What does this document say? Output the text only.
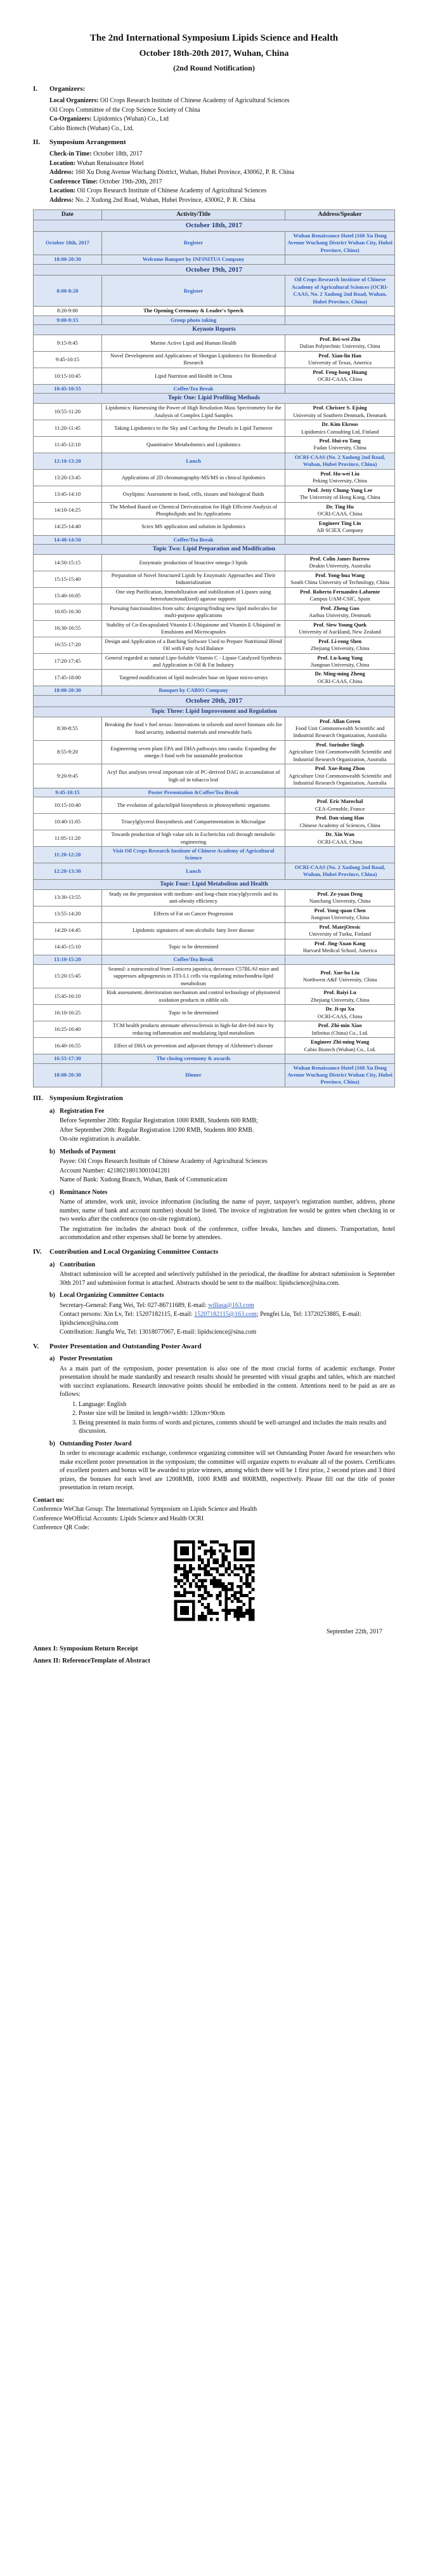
The 2nd International Symposium Lipids Science and Health
October 18th-20th 2017, Wuhan, China
(2nd Round Notification)
I. Organizers:
Local Organizers: Oil Crops Research Institute of Chinese Academy of Agricultural Sciences
Oil Crops Committee of the Crop Science Society of China
Co-Organizers: Lipidomics (Wuhan) Co., Ltd
Cabio Biotech (Wuhan) Co., Ltd.
II. Symposium Arrangement
Check-in Time: October 18th, 2017
Location: Wuhan Renaissance Hotel
Address: 160 Xu Dong Avenue Wuchang District, Wuhan, Hubei Province, 430062, P. R. China
Conference Time: October 19th-20th, 2017
Location: Oil Crops Research Institute of Chinese Academy of Agricultural Sciences
Address: No. 2 Xudong 2nd Road, Wuhan, Hubei Province, 430062, P. R. China
Date	Activity/Title	Address/Speaker
October 18th, 2017		
October 18th, 2017	Register	Wuhan Renaissance Hotel (160 Xu Dong Avenue Wuchang District Wuhan City, Hubei Province, China)
18:00-20:30	Welcome Banquet by INFINITUS Company	
October 19th, 2017		
8:00-8:20	Register	Oil Crops Research Institute of Chinese Academy of Agricultural Sciences (OCRI-CAAS, No. 2 Xudong 2nd Road, Wuhan, Hubei Province, China)
8:20-9:00	The Opening Ceremony & Leader's Speech	
9:00-9:15	Group photo taking	
Keynote Reports		
9:15-9:45	Marine Active Lipid and Human Health	Prof. Bei-wei Zhu
Dalian Polytechnic University, China

9:45-10:15	Novel Development and Applications of Shotgun Lipidomics for Biomedical Research	Prof. Xian-lin Han
University of Texas, America

10:15-10:45	Lipid Nutrition and Health in China	Prof. Feng-hong Huang
OCRI-CAAS, China

10:45-10:55	Coffee/Tea Break	
Topic One: Lipid Profiling Methods		
10:55-11:20	Lipidomics: Harnessing the Power of High Resolution Mass Spectrometry for the Analysis of Complex Lipid Samples	Prof. Christer S. Ejsing
University of Southern Denmark, Denmark

11:20-11:45	Taking Lipidomics to the Sky and Catching the Details in Lipid Turnover	Dr. Kim Ekroos
Lipidomics Consulting Ltd, Finland

11:45-12:10	Quantitative Metabolomics and Lipidomics	Prof. Hui-ru Tang
Fudan University, China

12:10-13:20	Lunch	OCRI-CAAS (No. 2 Xudong 2nd Road, Wuhan, Hubei Province, China)
13:20-13:45	Applications of 2D chromatography-MS/MS in clinical lipidomics	Prof. Hu-wei Liu
Peking University, China

13:45-14:10	Oxylipins: Assessment in food, cells, tissues and biological fluids	Prof. Jetty Chung-Yung Lee
The University of Hong Kong, China

14:10-14:25	The Method Based on Chemical Derivatization for High Efficient Analysis of Phospholipids and Its Applications	Dr. Ting Hu
OCRI-CAAS, China

14:25-14:40	Sciex MS application and solution in lipidomics	Engineer Ting Lin
AB SCIEX Company

14:40-14:50	Coffee/Tea Break	
Topic Two: Lipid Preparation and Modification		
14:50-15:15	Enzymatic production of bioactive omega-3 lipids	Prof. Colin James Barrow
Deakin University, Australia

15:15-15:40	Preparation of Novel Structured Lipids by Enzymatic Approaches and Their Industrialization	Prof. Yong-hua Wang
South China University of Technology, China

15:40-16:05	One step Purification, Immobilization and stabilization of Lipases using heterofunctional(ized) agarose supports	Prof. Roberto Fernandez-Lafuente
Campus UAM-CSIC, Spain

16:05-16:30	Pursuing functionalities from salts: designing/finding new lipid molecules for multi-purpose applications	Prof. Zheng Guo
Aarhus University, Denmark

16:30-16:55	Stability of Co-Encapsulated Vitamin E-Ubiquinone and Vitamin E-Ubiquinol in Emulsions and Microcapsules	Prof. Siew Young Quek
University of Auckland, New Zealand

16:55-17:20	Design and Application of a Batching Software Used to Prepare Nutritional Blend Oil with Fatty Acid Balance	Prof. Li-rong Shen
Zhejiang University, China

17:20-17:45	General regarded as natural Lipo-Soluble Vitamin C - Lipase Catalyzed Synthesis and Application in Oil & Fat Industry	Prof. Lu-kang Yang
Jiangnan University, China

17:45-18:00	Targeted modification of lipid molecules base on lipase micro-arrays	Dr. Ming-ming Zheng
OCRI-CAAS, China

18:00-20:30	Banquet by CABIO Company	
October 20th, 2017		
Topic Three: Lipid Improvement and Regulation		
8:30-8:55	Breaking the food v fuel nexus: Innovations in oilseeds and novel biomass oils for food security, industrial materials and renewable fuels	Prof. Allan Green
Food Unit Commonwealth Scientific and Industrial Research Organization, Australia

8:55-9:20	Engineering seven plant EPA and DHA pathways into canola: Expanding the omega-3 food web for sustainable production	Prof. Surinder Singh
Agriculture Unit Commonwealth Scientific and Industrial Research Organization, Australia

9:20-9:45	Acyl flux analyses reveal important role of PC-derived DAG in accumulation of high oil in tobacco leaf	Prof. Xue-Rong Zhou
Agriculture Unit Commonwealth Scientific and Industrial Research Organization, Australia

9:45-10:15	Poster Presentation &Coffee/Tea Break	
10:15-10:40	The evolution of galactolipid biosynthesis in photosynthetic organisms	Prof. Eric Marechal
CEA-Grenoble, France

10:40-11:05	Triacylglycerol Biosynthesis and Compartmentation in Microalgae	Prof. Dan-xiang Han
Chinese Academy of Sciences, China

11:05-11:20	Towards production of high value oils in Escherichia coli through metabolic engineering	Dr. Xin Wan
OCRI-CAAS, China

11:20-12:20	Visit Oil Crops Research Institute of Chinese Academy of Agricultural Science	
12:20-13:30	Lunch	OCRI-CAAS (No. 2 Xudong 2nd Road, Wuhan, Hubei Province, China)
Topic Four: Lipid Metabolism and Health		
13:30-13:55	Study on the preparation with medium- and long-chain triacylglycerols and its anti-obesity efficiency	Prof. Ze-yuan Deng
Nanchang University, China

13:55-14:20	Effects of Fat on Cancer Progression	Prof. Yong-quan Chen
Jiangnan University, China

14:20-14:45	Lipidomic signatures of non-alcoholic fatty liver disease	Prof. MatejOresic
University of Turku, Finland

14:45-15:10	Topic to be determined	Prof. Jing-Xuan Kang
Harvard Medical School, America

15:10-15:20	Coffee/Tea Break	
15:20-15:45	Seamul: a nutraceutical from Lonicera japonica, decreases C57BL/6J mice and suppresses adipogenesis in 3T3-L1 cells via regulating mitochondria-lipid metabolism	Prof. Xue-bo Liu
Northwest A&F University, China

15:45-16:10	Risk assessment, deterioration mechanism and control technology of phytosterol oxidation products in edible oils	Prof. Baiyi Lu
Zhejiang University, China

16:10-16:25	Topic to be determined	Dr. Ji-qu Xu
OCRI-CAAS, China

16:25-16:40	TCM health products attenuate atherosclerosis in high-fat diet-fed mice by reducing inflammation and modulating lipid metabolism	Prof. Zhi-min Xiao
Infinitus (China) Co., Ltd.

16:40-16:55	Effect of DHA on prevention and adjuvant therapy of Alzheimer's disease	Engineer Zhi-ming Wang
Cabio Biotech (Wuhan) Co., Ltd.

16:55-17:30	The closing ceremony & awards	
18:00-20:30	Dinner	Wuhan Renaissance Hotel (160 Xu Dong Avenue Wuchang District Wuhan City, Hubei Province, China)
III. Symposium Registration
a) Registration Fee
Before September 20th: Regular Registration 1000 RMB, Students 600 RMB;
After September 20th: Regular Registration 1200 RMB, Students 800 RMB.
On-site registration is available.
b) Methods of Payment
Payee: Oil Crops Research Institute of Chinese Academy of Agricultural Sciences
Account Number: 42180218013001041281
Name of Bank: Xudong Branch, Wuhan, Bank of Communication
c) Remittance Notes

Name of attendee, work unit, invoice information (including the name of payer, taxpayer's registration number, address, phone number, name of bank and account number) should be listed. The invoice of registration fee would be gotten when checking in or two weeks after the conference (no on-site registration).

The registration fee includes the abstract book of the conference, coffee breaks, lunches and dinners. Transportation, hotel accommodation and other expenses shall be borne by attendees.

IV. Contribution and Local Organizing Committee Contacts
a) Contribution

Abstract submission will be accepted and selectively published in the periodical, the deadline for abstract submission is September 30th 2017 and submission format is attached. Abstracts should be sent to the mailbox: lipidscience@sina.com.

b) Local Organizing Committee Contacts
Secretary-General: Fang Wei, Tel: 027-86711689, E-mail: willasa@163.com
Contact persons: Xin Lv, Tel: 15207182115, E-mail: 15207182115@163.com; Pengfei Liu, Tel: 13720253885, E-mail: lipidscience@sina.com
Contribution: Jiangfu Wu, Tel: 13018077067, E-mail: lipidscience@sina.com
V. Poster Presentation and Outstanding Poster Award
a) Poster Presentation

As a main part of the symposium, poster presentation is also one of the most crucial forms of academic exchange. Poster presentation should be made standardly and research results should be presented with visual graphs and tables, which are matched with succinct explanations. Research innovative points should be embodied in the content. Attentions need to be paid as are as follows:

1. Language: English
2. Poster size will be limited in length×width: 120cm×90cm
3. Being presented in main forms of words and pictures, contents should be well-arranged and includes the main results and discussion.
b) Outstanding Poster Award

In order to encourage academic exchange, conference organizing committee will set Outstanding Poster Award for researchers who make excellent poster presentation in the symposium; the committee will organize experts to evaluate all of the posters. Certificates of excellent posters and bonus will be awarded to prize winners, among which there will be 1 first prize, 2 second prizes and 3 third prizes, the bonuses for each level are 1200RMB, 1000 RMB and 800RMB, respectively. Please fill out the title of poster presentation in return receipt.

Contact us:
Conference WeChat Group: The International Symposium on Lipids Science and Health
Conference WeOfficial Accounts: Lipids Science and Health OCRI
Conference QR Code:
September 22th, 2017
Annex I: Symposium Return Receipt
Annex II: ReferenceTemplate of Abstract
